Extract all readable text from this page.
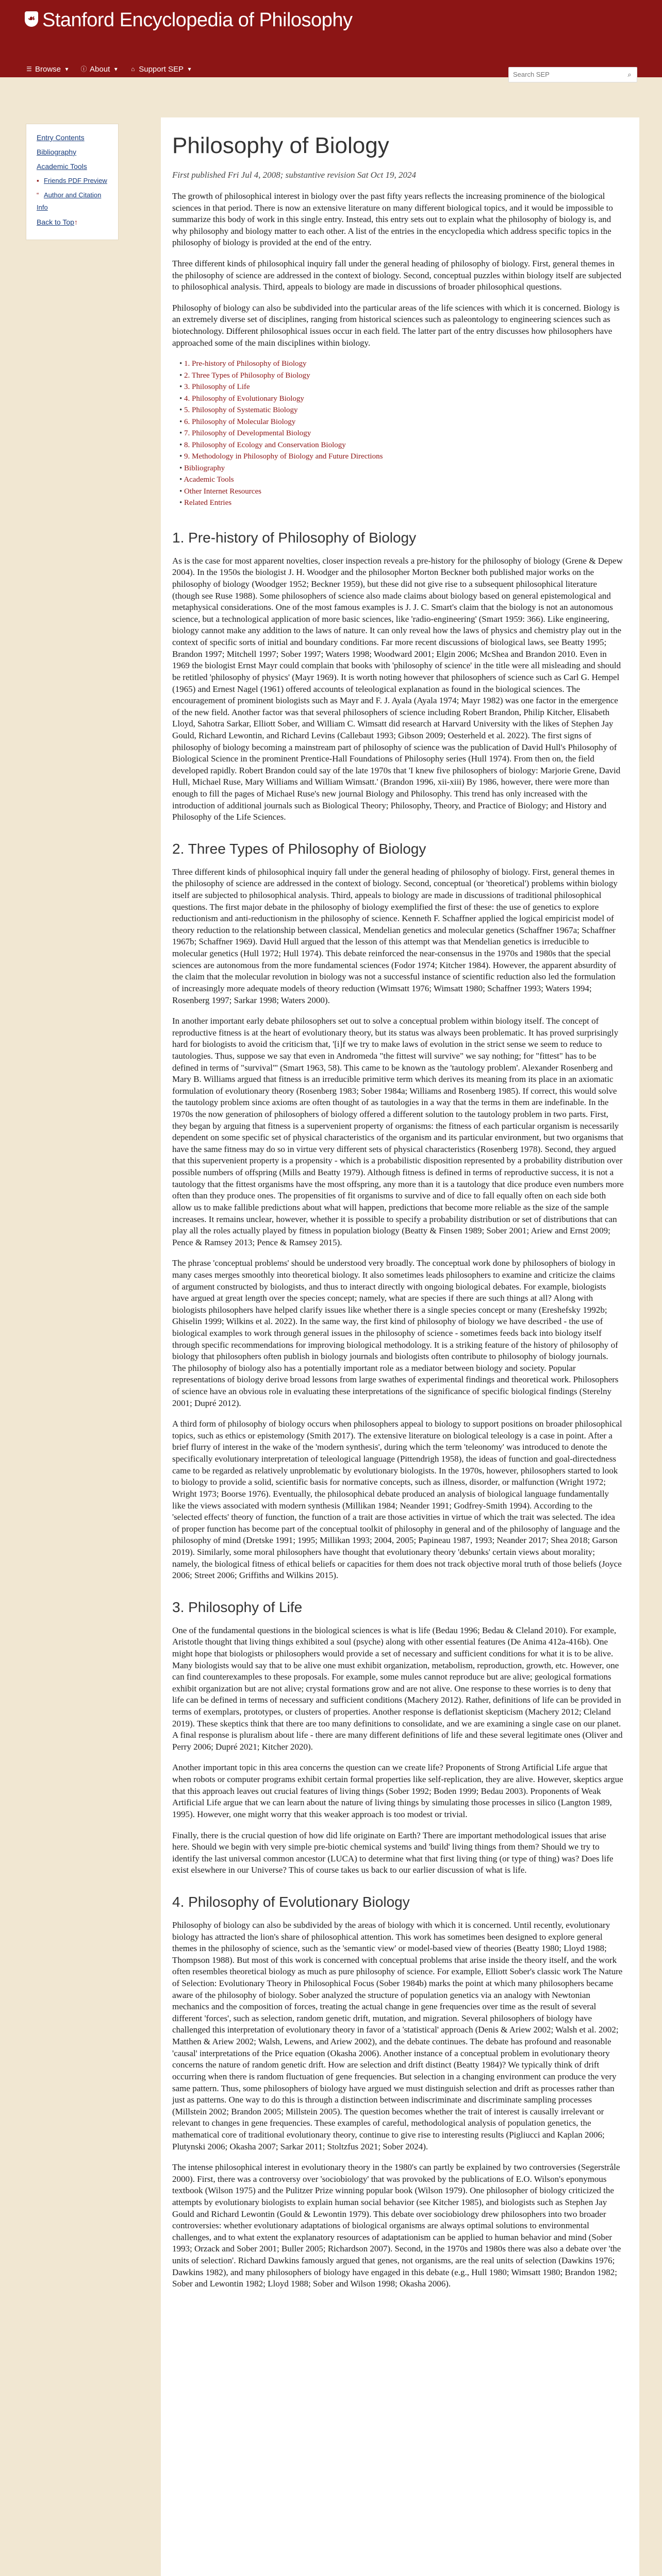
☙ Stanford Encyclopedia of Philosophy
☰ Browse ▾ ⓘ About ▾ ⌂ Support SEP ▾
Search SEP
⌕
Entry Contents
Bibliography
Academic Tools
▪ Friends PDF Preview
“ Author and Citation Info
Back to Top↑
Philosophy of Biology
First published Fri Jul 4, 2008; substantive revision Sat Oct 19, 2024

The growth of philosophical interest in biology over the past fifty years reflects the increasing prominence of the biological sciences in that period. There is now an extensive literature on many different biological topics, and it would be impossible to summarize this body of work in this single entry. Instead, this entry sets out to explain what the philosophy of biology is, and why philosophy and biology matter to each other. A list of the entries in the encyclopedia which address specific topics in the philosophy of biology is provided at the end of the entry.

Three different kinds of philosophical inquiry fall under the general heading of philosophy of biology. First, general themes in the philosophy of science are addressed in the context of biology. Second, conceptual puzzles within biology itself are subjected to philosophical analysis. Third, appeals to biology are made in discussions of broader philosophical questions.

Philosophy of biology can also be subdivided into the particular areas of the life sciences with which it is concerned. Biology is an extremely diverse set of disciplines, ranging from historical sciences such as paleontology to engineering sciences such as biotechnology. Different philosophical issues occur in each field. The latter part of the entry discusses how philosophers have approached some of the main disciplines within biology.

• 1. Pre-history of Philosophy of Biology
• 2. Three Types of Philosophy of Biology
• 3. Philosophy of Life
• 4. Philosophy of Evolutionary Biology
• 5. Philosophy of Systematic Biology
• 6. Philosophy of Molecular Biology
• 7. Philosophy of Developmental Biology
• 8. Philosophy of Ecology and Conservation Biology
• 9. Methodology in Philosophy of Biology and Future Directions
• Bibliography
• Academic Tools
• Other Internet Resources
• Related Entries
1. Pre-history of Philosophy of Biology

As is the case for most apparent novelties, closer inspection reveals a pre-history for the philosophy of biology (Grene & Depew 2004). In the 1950s the biologist J. H. Woodger and the philosopher Morton Beckner both published major works on the philosophy of biology (Woodger 1952; Beckner 1959), but these did not give rise to a subsequent philosophical literature (though see Ruse 1988). Some philosophers of science also made claims about biology based on general epistemological and metaphysical considerations. One of the most famous examples is J. J. C. Smart's claim that the biology is not an autonomous science, but a technological application of more basic sciences, like 'radio-engineering' (Smart 1959: 366). Like engineering, biology cannot make any addition to the laws of nature. It can only reveal how the laws of physics and chemistry play out in the context of specific sorts of initial and boundary conditions. Far more recent discussions of biological laws, see Beatty 1995; Brandon 1997; Mitchell 1997; Sober 1997; Waters 1998; Woodward 2001; Elgin 2006; McShea and Brandon 2010. Even in 1969 the biologist Ernst Mayr could complain that books with 'philosophy of science' in the title were all misleading and should be retitled 'philosophy of physics' (Mayr 1969). It is worth noting however that philosophers of science such as Carl G. Hempel (1965) and Ernest Nagel (1961) offered accounts of teleological explanation as found in the biological sciences. The encouragement of prominent biologists such as Mayr and F. J. Ayala (Ayala 1974; Mayr 1982) was one factor in the emergence of the new field. Another factor was that several philosophers of science including Robert Brandon, Philip Kitcher, Elisabeth Lloyd, Sahotra Sarkar, Elliott Sober, and William C. Wimsatt did research at Harvard University with the likes of Stephen Jay Gould, Richard Lewontin, and Richard Levins (Callebaut 1993; Gibson 2009; Oesterheld et al. 2022). The first signs of philosophy of biology becoming a mainstream part of philosophy of science was the publication of David Hull's Philosophy of Biological Science in the prominent Prentice-Hall Foundations of Philosophy series (Hull 1974). From then on, the field developed rapidly. Robert Brandon could say of the late 1970s that 'I knew five philosophers of biology: Marjorie Grene, David Hull, Michael Ruse, Mary Williams and William Wimsatt.' (Brandon 1996, xii-xiii) By 1986, however, there were more than enough to fill the pages of Michael Ruse's new journal Biology and Philosophy. This trend has only increased with the introduction of additional journals such as Biological Theory; Philosophy, Theory, and Practice of Biology; and History and Philosophy of the Life Sciences.

2. Three Types of Philosophy of Biology

Three different kinds of philosophical inquiry fall under the general heading of philosophy of biology. First, general themes in the philosophy of science are addressed in the context of biology. Second, conceptual (or 'theoretical') problems within biology itself are subjected to philosophical analysis. Third, appeals to biology are made in discussions of traditional philosophical questions. The first major debate in the philosophy of biology exemplified the first of these: the use of genetics to explore reductionism and anti-reductionism in the philosophy of science. Kenneth F. Schaffner applied the logical empiricist model of theory reduction to the relationship between classical, Mendelian genetics and molecular genetics (Schaffner 1967a; Schaffner 1967b; Schaffner 1969). David Hull argued that the lesson of this attempt was that Mendelian genetics is irreducible to molecular genetics (Hull 1972; Hull 1974). This debate reinforced the near-consensus in the 1970s and 1980s that the special sciences are autonomous from the more fundamental sciences (Fodor 1974; Kitcher 1984). However, the apparent absurdity of the claim that the molecular revolution in biology was not a successful instance of scientific reduction also led the formulation of increasingly more adequate models of theory reduction (Wimsatt 1976; Wimsatt 1980; Schaffner 1993; Waters 1994; Rosenberg 1997; Sarkar 1998; Waters 2000).

In another important early debate philosophers set out to solve a conceptual problem within biology itself. The concept of reproductive fitness is at the heart of evolutionary theory, but its status was always been problematic. It has proved surprisingly hard for biologists to avoid the criticism that, '[i]f we try to make laws of evolution in the strict sense we seem to reduce to tautologies. Thus, suppose we say that even in Andromeda "the fittest will survive" we say nothing; for "fittest" has to be defined in terms of "survival"' (Smart 1963, 58). This came to be known as the 'tautology problem'. Alexander Rosenberg and Mary B. Williams argued that fitness is an irreducible primitive term which derives its meaning from its place in an axiomatic formulation of evolutionary theory (Rosenberg 1983; Sober 1984a; Williams and Rosenberg 1985). If correct, this would solve the tautology problem since axioms are often thought of as tautologies in a way that the terms in them are indefinable. In the 1970s the now generation of philosophers of biology offered a different solution to the tautology problem in two parts. First, they began by arguing that fitness is a supervenient property of organisms: the fitness of each particular organism is necessarily dependent on some specific set of physical characteristics of the organism and its particular environment, but two organisms that have the same fitness may do so in virtue very different sets of physical characteristics (Rosenberg 1978). Second, they argued that this supervenient property is a propensity - which is a probabilistic disposition represented by a probability distribution over possible numbers of offspring (Mills and Beatty 1979). Although fitness is defined in terms of reproductive success, it is not a tautology that the fittest organisms have the most offspring, any more than it is a tautology that dice produce even numbers more often than they produce ones. The propensities of fit organisms to survive and of dice to fall equally often on each side both allow us to make fallible predictions about what will happen, predictions that become more reliable as the size of the sample increases. It remains unclear, however, whether it is possible to specify a probability distribution or set of distributions that can play all the roles actually played by fitness in population biology (Beatty & Finsen 1989; Sober 2001; Ariew and Ernst 2009; Pence & Ramsey 2013; Pence & Ramsey 2015).

The phrase 'conceptual problems' should be understood very broadly. The conceptual work done by philosophers of biology in many cases merges smoothly into theoretical biology. It also sometimes leads philosophers to examine and criticize the claims of argument constructed by biologists, and thus to interact directly with ongoing biological debates. For example, biologists have argued at great length over the species concept; namely, what are species if there are such things at all? Along with biologists philosophers have helped clarify issues like whether there is a single species concept or many (Ereshefsky 1992b; Ghiselin 1999; Wilkins et al. 2022). In the same way, the first kind of philosophy of biology we have described - the use of biological examples to work through general issues in the philosophy of science - sometimes feeds back into biology itself through specific recommendations for improving biological methodology. It is a striking feature of the history of philosophy of biology that philosophers often publish in biology journals and biologists often contribute to philosophy of biology journals. The philosophy of biology also has a potentially important role as a mediator between biology and society. Popular representations of biology derive broad lessons from large swathes of experimental findings and theoretical work. Philosophers of science have an obvious role in evaluating these interpretations of the significance of specific biological findings (Sterelny 2001; Dupré 2012).

A third form of philosophy of biology occurs when philosophers appeal to biology to support positions on broader philosophical topics, such as ethics or epistemology (Smith 2017). The extensive literature on biological teleology is a case in point. After a brief flurry of interest in the wake of the 'modern synthesis', during which the term 'teleonomy' was introduced to denote the specifically evolutionary interpretation of teleological language (Pittendrigh 1958), the ideas of function and goal-directedness came to be regarded as relatively unproblematic by evolutionary biologists. In the 1970s, however, philosophers started to look to biology to provide a solid, scientific basis for normative concepts, such as illness, disorder, or malfunction (Wright 1972; Wright 1973; Boorse 1976). Eventually, the philosophical debate produced an analysis of biological language fundamentally like the views associated with modern synthesis (Millikan 1984; Neander 1991; Godfrey-Smith 1994). According to the 'selected effects' theory of function, the function of a trait are those activities in virtue of which the trait was selected. The idea of proper function has become part of the conceptual toolkit of philosophy in general and of the philosophy of language and the philosophy of mind (Dretske 1991; 1995; Millikan 1993; 2004, 2005; Papineau 1987, 1993; Neander 2017; Shea 2018; Garson 2019). Similarly, some moral philosophers have thought that evolutionary theory 'debunks' certain views about morality; namely, the biological fitness of ethical beliefs or capacities for them does not track objective moral truth of those beliefs (Joyce 2006; Street 2006; Griffiths and Wilkins 2015).

3. Philosophy of Life

One of the fundamental questions in the biological sciences is what is life (Bedau 1996; Bedau & Cleland 2010). For example, Aristotle thought that living things exhibited a soul (psyche) along with other essential features (De Anima 412a-416b). One might hope that biologists or philosophers would provide a set of necessary and sufficient conditions for what it is to be alive. Many biologists would say that to be alive one must exhibit organization, metabolism, reproduction, growth, etc. However, one can find counterexamples to these proposals. For example, some mules cannot reproduce but are alive; geological formations exhibit organization but are not alive; crystal formations grow and are not alive. One response to these worries is to deny that life can be defined in terms of necessary and sufficient conditions (Machery 2012). Rather, definitions of life can be provided in terms of exemplars, prototypes, or clusters of properties. Another response is deflationist skepticism (Machery 2012; Cleland 2019). These skeptics think that there are too many definitions to consolidate, and we are examining a single case on our planet. A final response is pluralism about life - there are many different definitions of life and these several legitimate ones (Oliver and Perry 2006; Dupré 2021; Kitcher 2020).

Another important topic in this area concerns the question can we create life? Proponents of Strong Artificial Life argue that when robots or computer programs exhibit certain formal properties like self-replication, they are alive. However, skeptics argue that this approach leaves out crucial features of living things (Sober 1992; Boden 1999; Bedau 2003). Proponents of Weak Artificial Life argue that we can learn about the nature of living things by simulating those processes in silico (Langton 1989, 1995). However, one might worry that this weaker approach is too modest or trivial.

Finally, there is the crucial question of how did life originate on Earth? There are important methodological issues that arise here. Should we begin with very simple pre-biotic chemical systems and 'build' living things from them? Should we try to identify the last universal common ancestor (LUCA) to determine what that first living thing (or type of thing) was? Does life exist elsewhere in our Universe? This of course takes us back to our earlier discussion of what is life.

4. Philosophy of Evolutionary Biology

Philosophy of biology can also be subdivided by the areas of biology with which it is concerned. Until recently, evolutionary biology has attracted the lion's share of philosophical attention. This work has sometimes been designed to explore general themes in the philosophy of science, such as the 'semantic view' or model-based view of theories (Beatty 1980; Lloyd 1988; Thompson 1988). But most of this work is concerned with conceptual problems that arise inside the theory itself, and the work often resembles theoretical biology as much as pure philosophy of science. For example, Elliott Sober's classic work The Nature of Selection: Evolutionary Theory in Philosophical Focus (Sober 1984b) marks the point at which many philosophers became aware of the philosophy of biology. Sober analyzed the structure of population genetics via an analogy with Newtonian mechanics and the composition of forces, treating the actual change in gene frequencies over time as the result of several different 'forces', such as selection, random genetic drift, mutation, and migration. Several philosophers of biology have challenged this interpretation of evolutionary theory in favor of a 'statistical' approach (Denis & Ariew 2002; Walsh et al. 2002; Matthen & Ariew 2002; Walsh, Lewens, and Ariew 2002), and the debate continues. The debate has profound and reasonable 'causal' interpretations of the Price equation (Okasha 2006). Another instance of a conceptual problem in evolutionary theory concerns the nature of random genetic drift. How are selection and drift distinct (Beatty 1984)? We typically think of drift occurring when there is random fluctuation of gene frequencies. But selection in a changing environment can produce the very same pattern. Thus, some philosophers of biology have argued we must distinguish selection and drift as processes rather than just as patterns. One way to do this is through a distinction between indiscriminate and discriminate sampling processes (Millstein 2002; Brandon 2005; Millstein 2005). The question becomes whether the trait of interest is causally irrelevant or relevant to changes in gene frequencies. These examples of careful, methodological analysis of population genetics, the mathematical core of traditional evolutionary theory, continue to give rise to interesting results (Pigliucci and Kaplan 2006; Plutynski 2006; Okasha 2007; Sarkar 2011; Stoltzfus 2021; Sober 2024).

The intense philosophical interest in evolutionary theory in the 1980's can partly be explained by two controversies (Segerstråle 2000). First, there was a controversy over 'sociobiology' that was provoked by the publications of E.O. Wilson's eponymous textbook (Wilson 1975) and the Pulitzer Prize winning popular book (Wilson 1979). One philosopher of biology criticized the attempts by evolutionary biologists to explain human social behavior (see Kitcher 1985), and biologists such as Stephen Jay Gould and Richard Lewontin (Gould & Lewontin 1979). This debate over sociobiology drew philosophers into two broader controversies: whether evolutionary adaptations of biological organisms are always optimal solutions to environmental challenges, and to what extent the explanatory resources of adaptationism can be applied to human behavior and mind (Sober 1993; Orzack and Sober 2001; Buller 2005; Richardson 2007). Second, in the 1970s and 1980s there was also a debate over 'the units of selection'. Richard Dawkins famously argued that genes, not organisms, are the real units of selection (Dawkins 1976; Dawkins 1982), and many philosophers of biology have engaged in this debate (e.g., Hull 1980; Wimsatt 1980; Brandon 1982; Sober and Lewontin 1982; Lloyd 1988; Sober and Wilson 1998; Okasha 2006).
